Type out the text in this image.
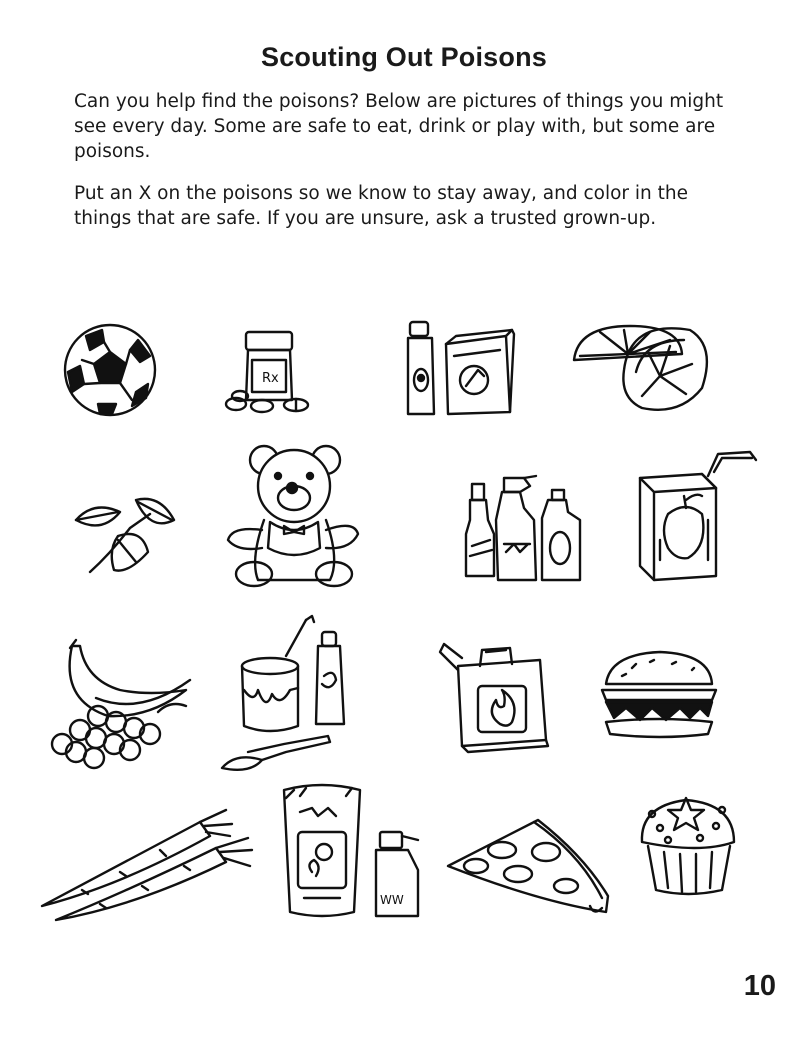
Scouting Out Poisons

Can you help find the poisons? Below are pictures of things you might see every day. Some are safe to eat, drink or play with, but some are poisons.

Put an X on the poisons so we know to stay away, and color in the things that are safe. If you are unsure, ask a trusted grown-up.

Rx
WW
10
